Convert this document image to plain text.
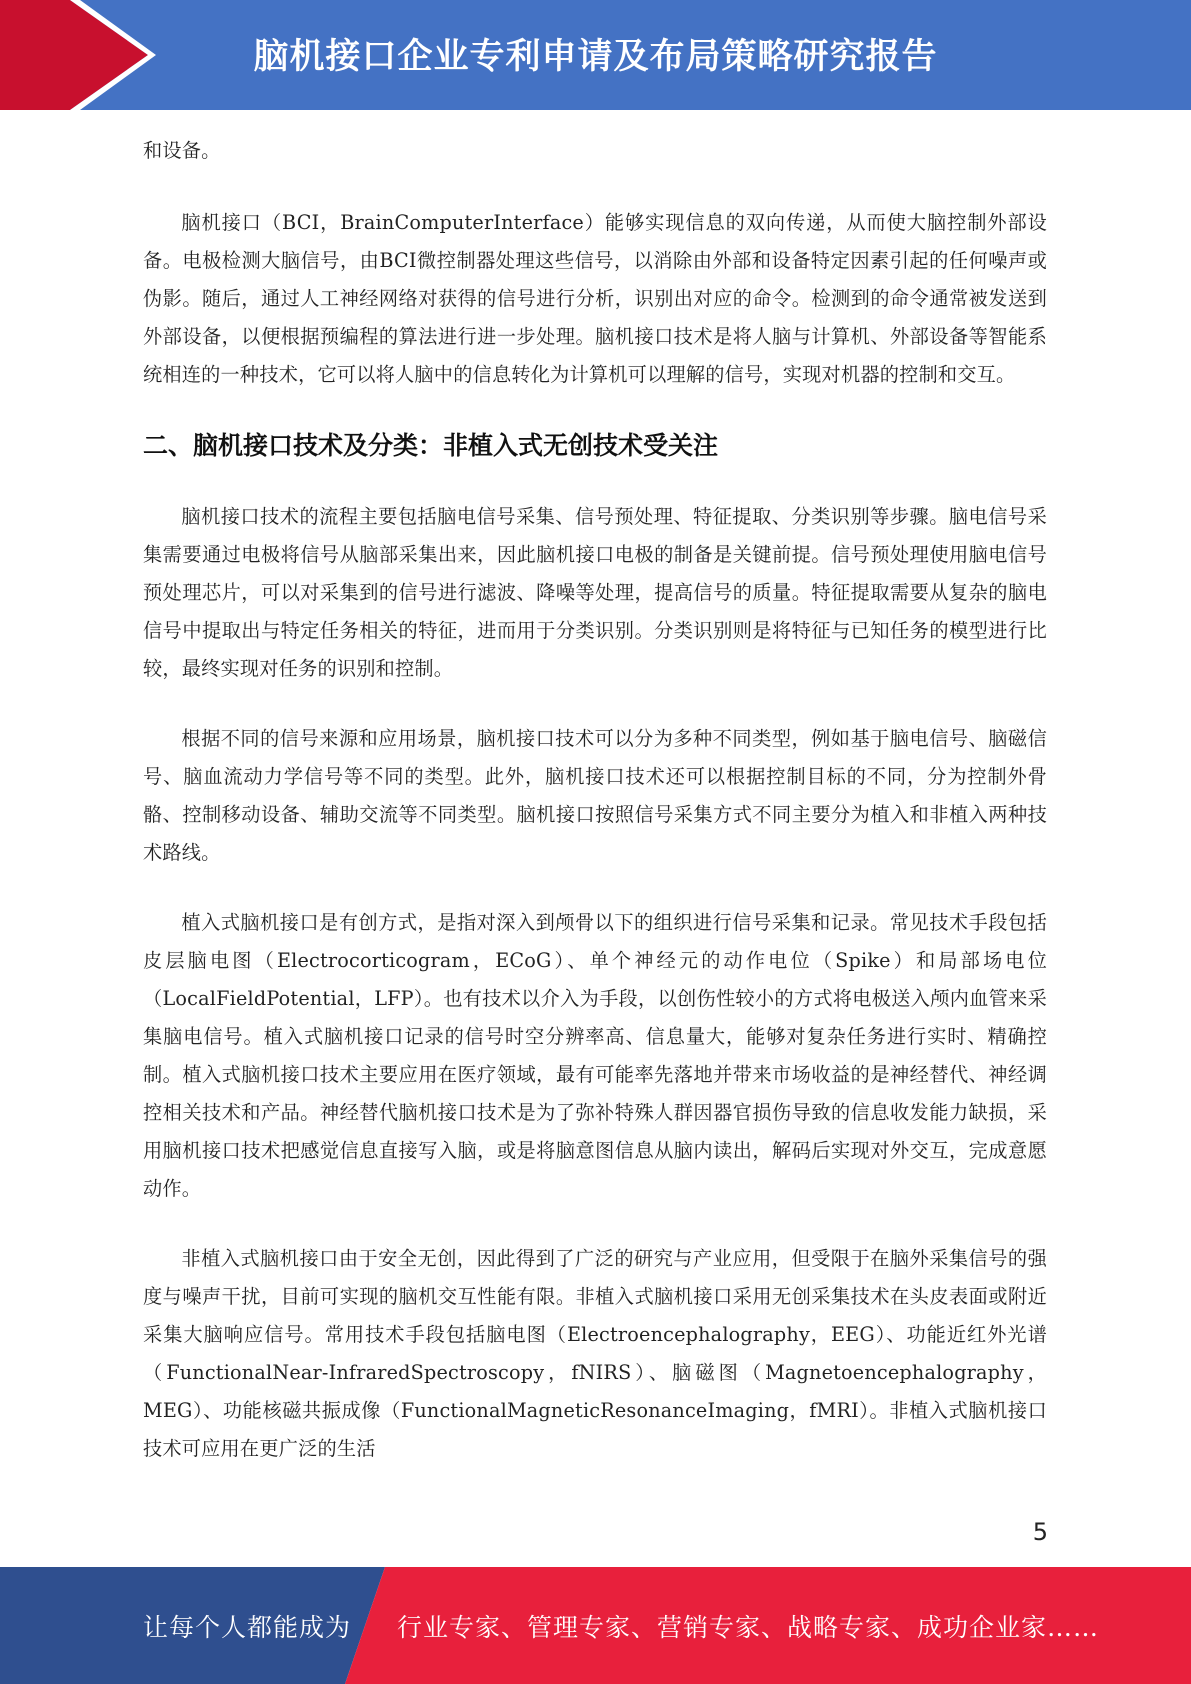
脑机接口企业专利申请及布局策略研究报告

和设备。

脑机接口（BCI，BrainComputerInterface）能够实现信息的双向传递，从而使大脑控制外部设备。电极检测大脑信号，由BCI微控制器处理这些信号，以消除由外部和设备特定因素引起的任何噪声或伪影。随后，通过人工神经网络对获得的信号进行分析，识别出对应的命令。检测到的命令通常被发送到外部设备，以便根据预编程的算法进行进一步处理。脑机接口技术是将人脑与计算机、外部设备等智能系统相连的一种技术，它可以将人脑中的信息转化为计算机可以理解的信号，实现对机器的控制和交互。

二、脑机接口技术及分类：非植入式无创技术受关注

脑机接口技术的流程主要包括脑电信号采集、信号预处理、特征提取、分类识别等步骤。脑电信号采集需要通过电极将信号从脑部采集出来，因此脑机接口电极的制备是关键前提。信号预处理使用脑电信号预处理芯片，可以对采集到的信号进行滤波、降噪等处理，提高信号的质量。特征提取需要从复杂的脑电信号中提取出与特定任务相关的特征，进而用于分类识别。分类识别则是将特征与已知任务的模型进行比较，最终实现对任务的识别和控制。

根据不同的信号来源和应用场景，脑机接口技术可以分为多种不同类型，例如基于脑电信号、脑磁信号、脑血流动力学信号等不同的类型。此外，脑机接口技术还可以根据控制目标的不同，分为控制外骨骼、控制移动设备、辅助交流等不同类型。脑机接口按照信号采集方式不同主要分为植入和非植入两种技术路线。

植入式脑机接口是有创方式，是指对深入到颅骨以下的组织进行信号采集和记录。常见技术手段包括皮层脑电图（Electrocorticogram，ECoG）、单个神经元的动作电位（Spike）和局部场电位（LocalFieldPotential，LFP）。也有技术以介入为手段，以创伤性较小的方式将电极送入颅内血管来采集脑电信号。植入式脑机接口记录的信号时空分辨率高、信息量大，能够对复杂任务进行实时、精确控制。植入式脑机接口技术主要应用在医疗领域，最有可能率先落地并带来市场收益的是神经替代、神经调控相关技术和产品。神经替代脑机接口技术是为了弥补特殊人群因器官损伤导致的信息收发能力缺损，采用脑机接口技术把感觉信息直接写入脑，或是将脑意图信息从脑内读出，解码后实现对外交互，完成意愿动作。

非植入式脑机接口由于安全无创，因此得到了广泛的研究与产业应用，但受限于在脑外采集信号的强度与噪声干扰，目前可实现的脑机交互性能有限。非植入式脑机接口采用无创采集技术在头皮表面或附近采集大脑响应信号。常用技术手段包括脑电图（Electroencephalography，EEG）、功能近红外光谱（FunctionalNear-InfraredSpectroscopy，fNIRS）、脑磁图（Magnetoencephalography，MEG）、功能核磁共振成像（FunctionalMagneticResonanceImaging，fMRI）。非植入式脑机接口技术可应用在更广泛的生活

5
让每个人都能成为 行业专家、管理专家、营销专家、战略专家、成功企业家……
